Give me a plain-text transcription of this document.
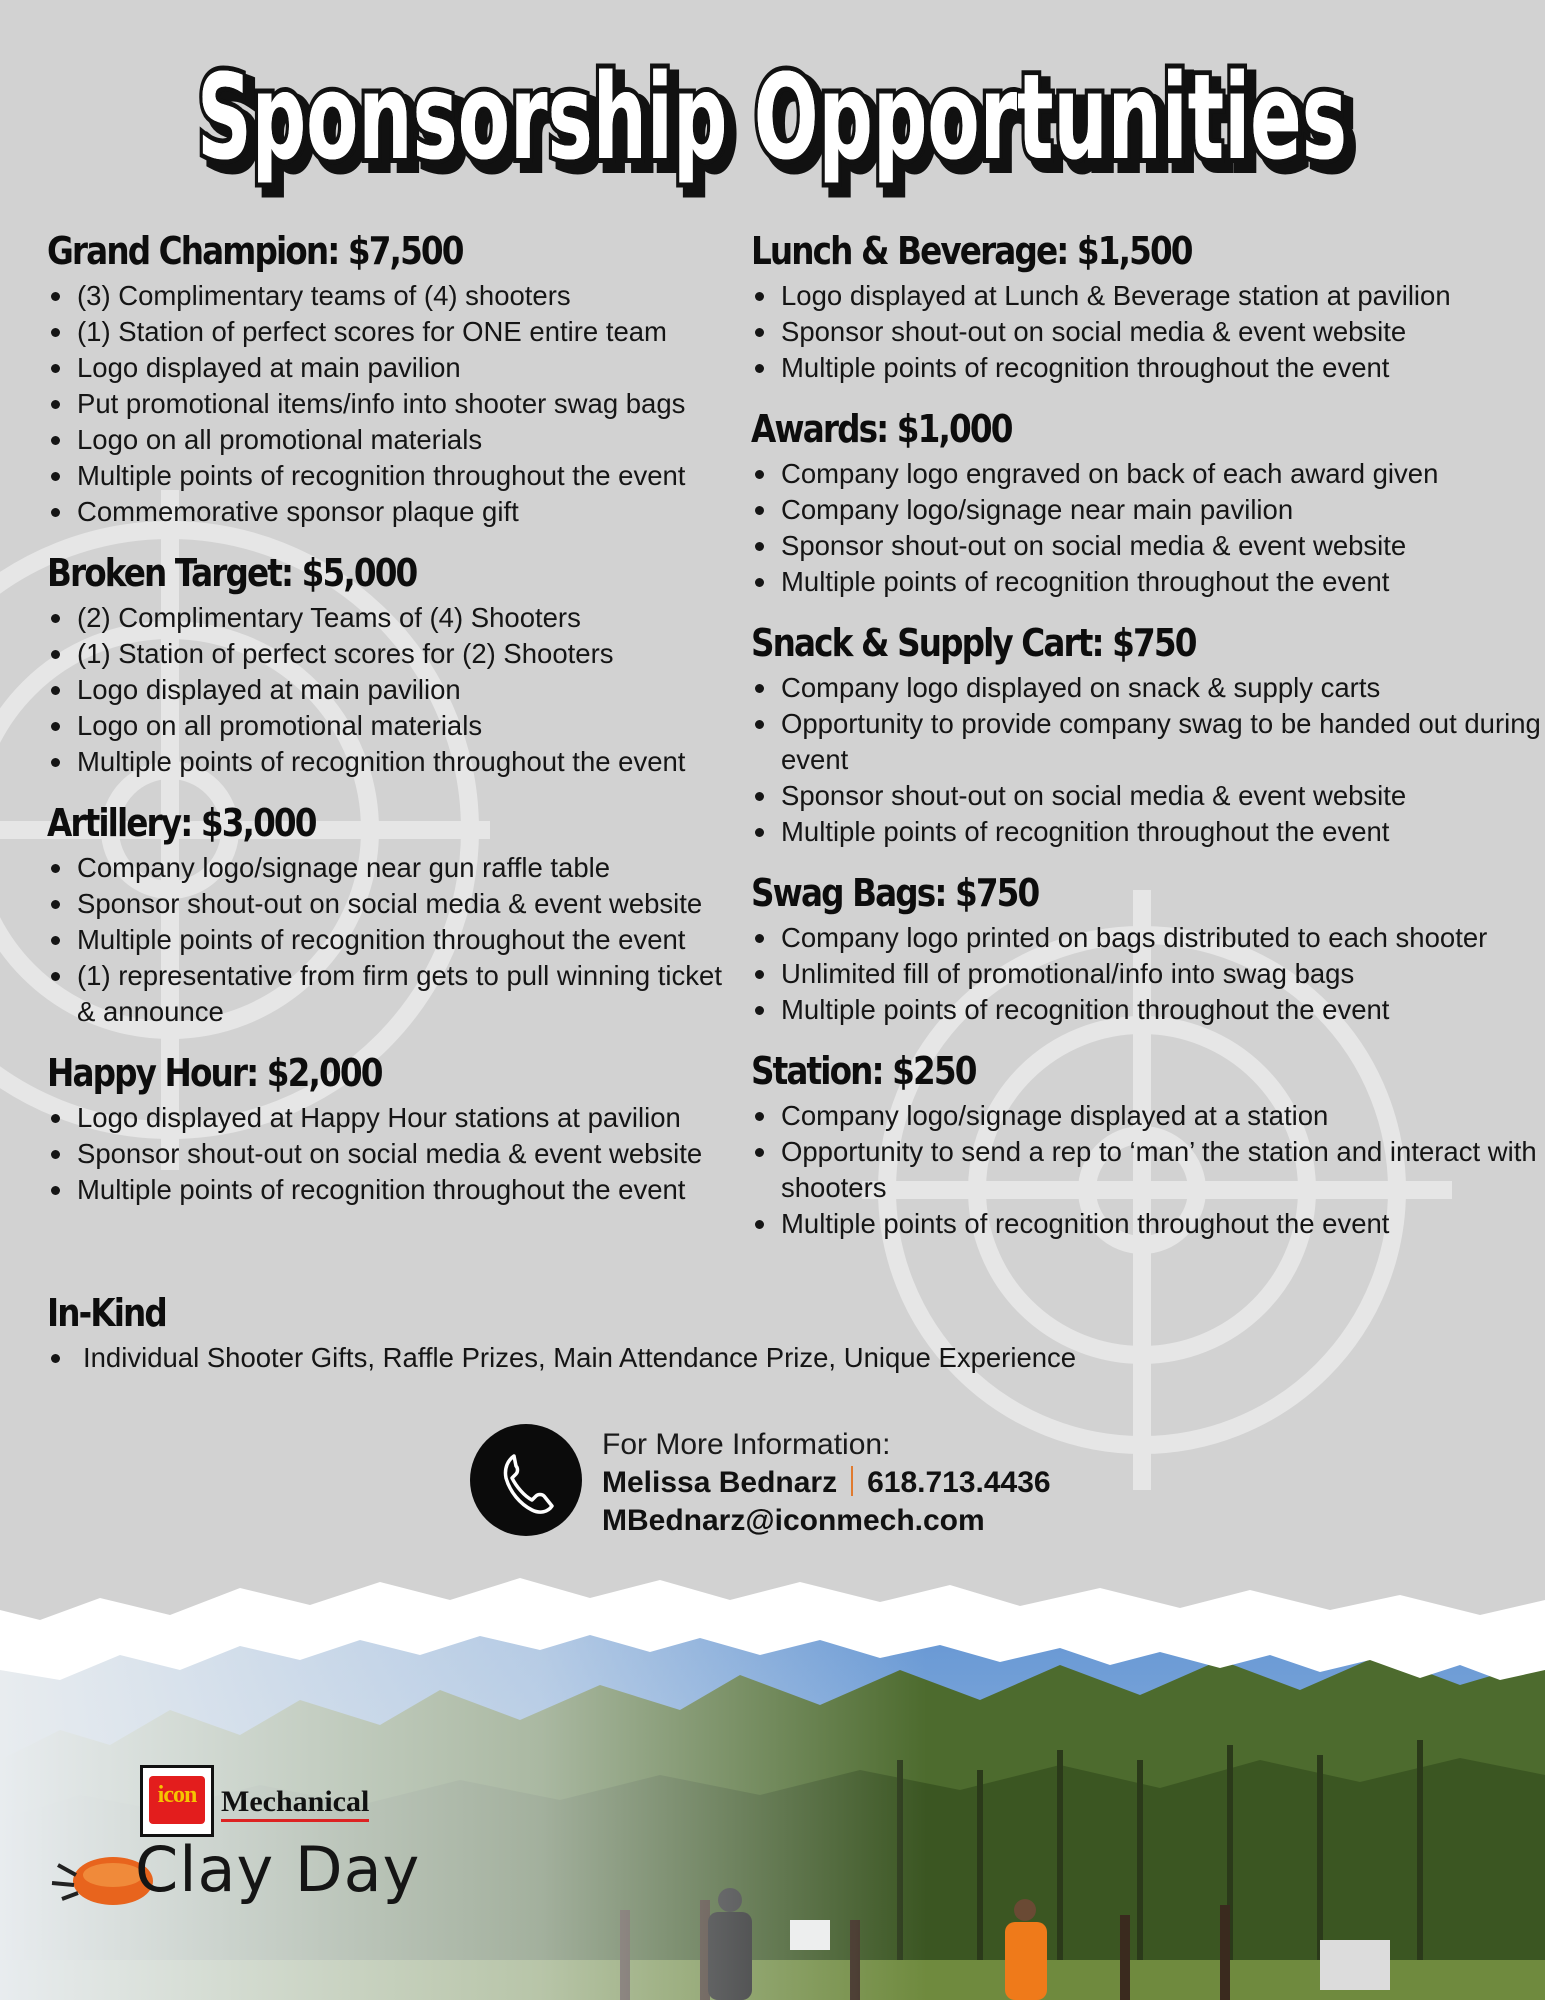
Sponsorship Opportunities
Sponsorship Opportunities
Sponsorship Opportunities
Grand Champion: $7,500
(3) Complimentary teams of (4) shooters
(1) Station of perfect scores for ONE entire team
Logo displayed at main pavilion
Put promotional items/info into shooter swag bags
Logo on all promotional materials
Multiple points of recognition throughout the event
Commemorative sponsor plaque gift
Broken Target: $5,000
(2) Complimentary Teams of (4) Shooters
(1) Station of perfect scores for (2) Shooters
Logo displayed at main pavilion
Logo on all promotional materials
Multiple points of recognition throughout the event
Artillery: $3,000
Company logo/signage near gun raffle table
Sponsor shout-out on social media & event website
Multiple points of recognition throughout the event
(1) representative from firm gets to pull winning ticket & announce
Happy Hour: $2,000
Logo displayed at Happy Hour stations at pavilion
Sponsor shout-out on social media & event website
Multiple points of recognition throughout the event
Lunch & Beverage: $1,500
Logo displayed at Lunch & Beverage station at pavilion
Sponsor shout-out on social media & event website
Multiple points of recognition throughout the event
Awards: $1,000
Company logo engraved on back of each award given
Company logo/signage near main pavilion
Sponsor shout-out on social media & event website
Multiple points of recognition throughout the event
Snack & Supply Cart: $750
Company logo displayed on snack & supply carts
Opportunity to provide company swag to be handed out during event
Sponsor shout-out on social media & event website
Multiple points of recognition throughout the event
Swag Bags: $750
Company logo printed on bags distributed to each shooter
Unlimited fill of promotional/info into swag bags
Multiple points of recognition throughout the event
Station: $250
Company logo/signage displayed at a station
Opportunity to send a rep to ‘man’ the station and interact with shooters
Multiple points of recognition throughout the event
In-Kind
Individual Shooter Gifts, Raffle Prizes, Main Attendance Prize, Unique Experience
For More Information:
Melissa Bednarz 618.713.4436
MBednarz@iconmech.com
icon Mechanical
Clay Day
